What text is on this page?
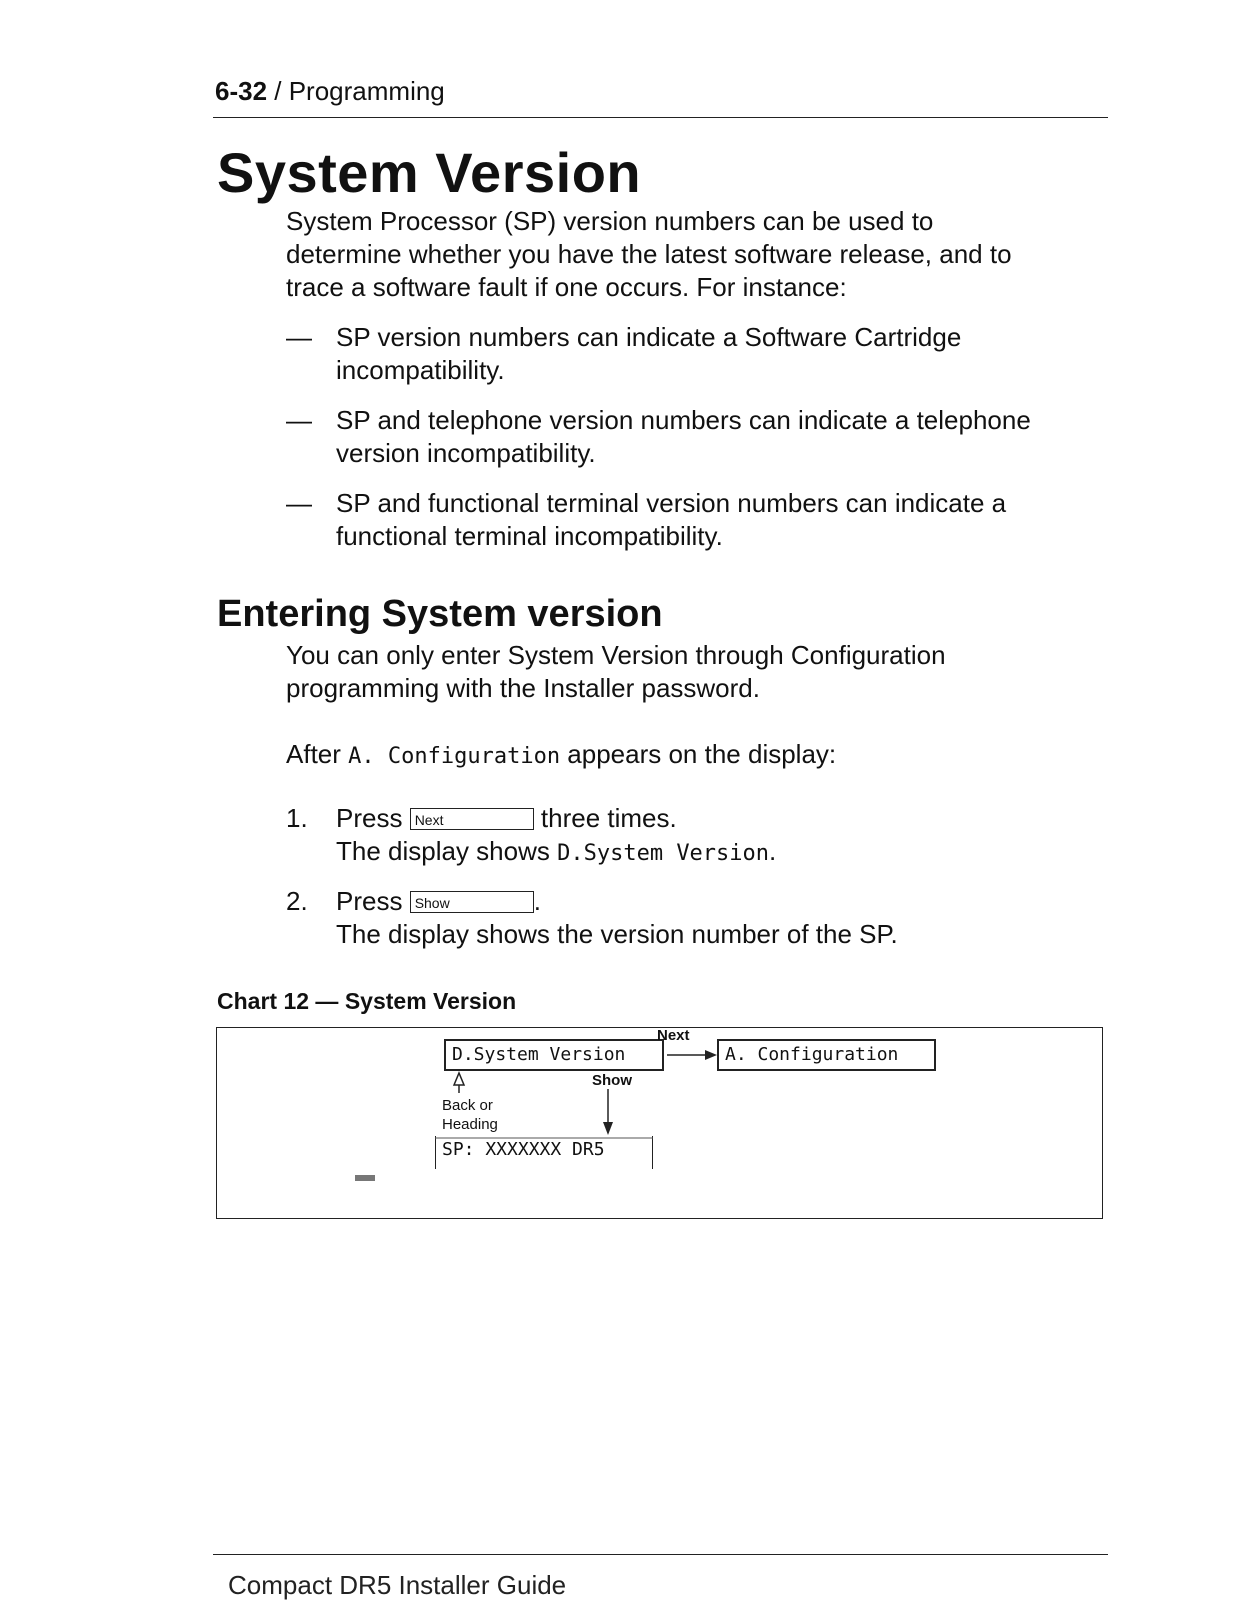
6-32 / Programming
System Version

System Processor (SP) version numbers can be used to

determine whether you have the latest software release, and to

trace a software fault if one occurs. For instance:

— SP version numbers can indicate a Software Cartridge
incompatibility.
— SP and telephone version numbers can indicate a telephone
version incompatibility.
— SP and functional terminal version numbers can indicate a
functional terminal incompatibility.
Entering System version

You can only enter System Version through Configuration

programming with the Installer password.

After A. Configuration appears on the display:

1. Press Next	three times.
The display shows D.System Version.
2. Press Show	.
The display shows the version number of the SP.
Chart 12 — System Version
D.System Version
Next
A. Configuration
Show
Back or
Heading
SP: XXXXXXX DR5
▬
Compact DR5 Installer Guide
